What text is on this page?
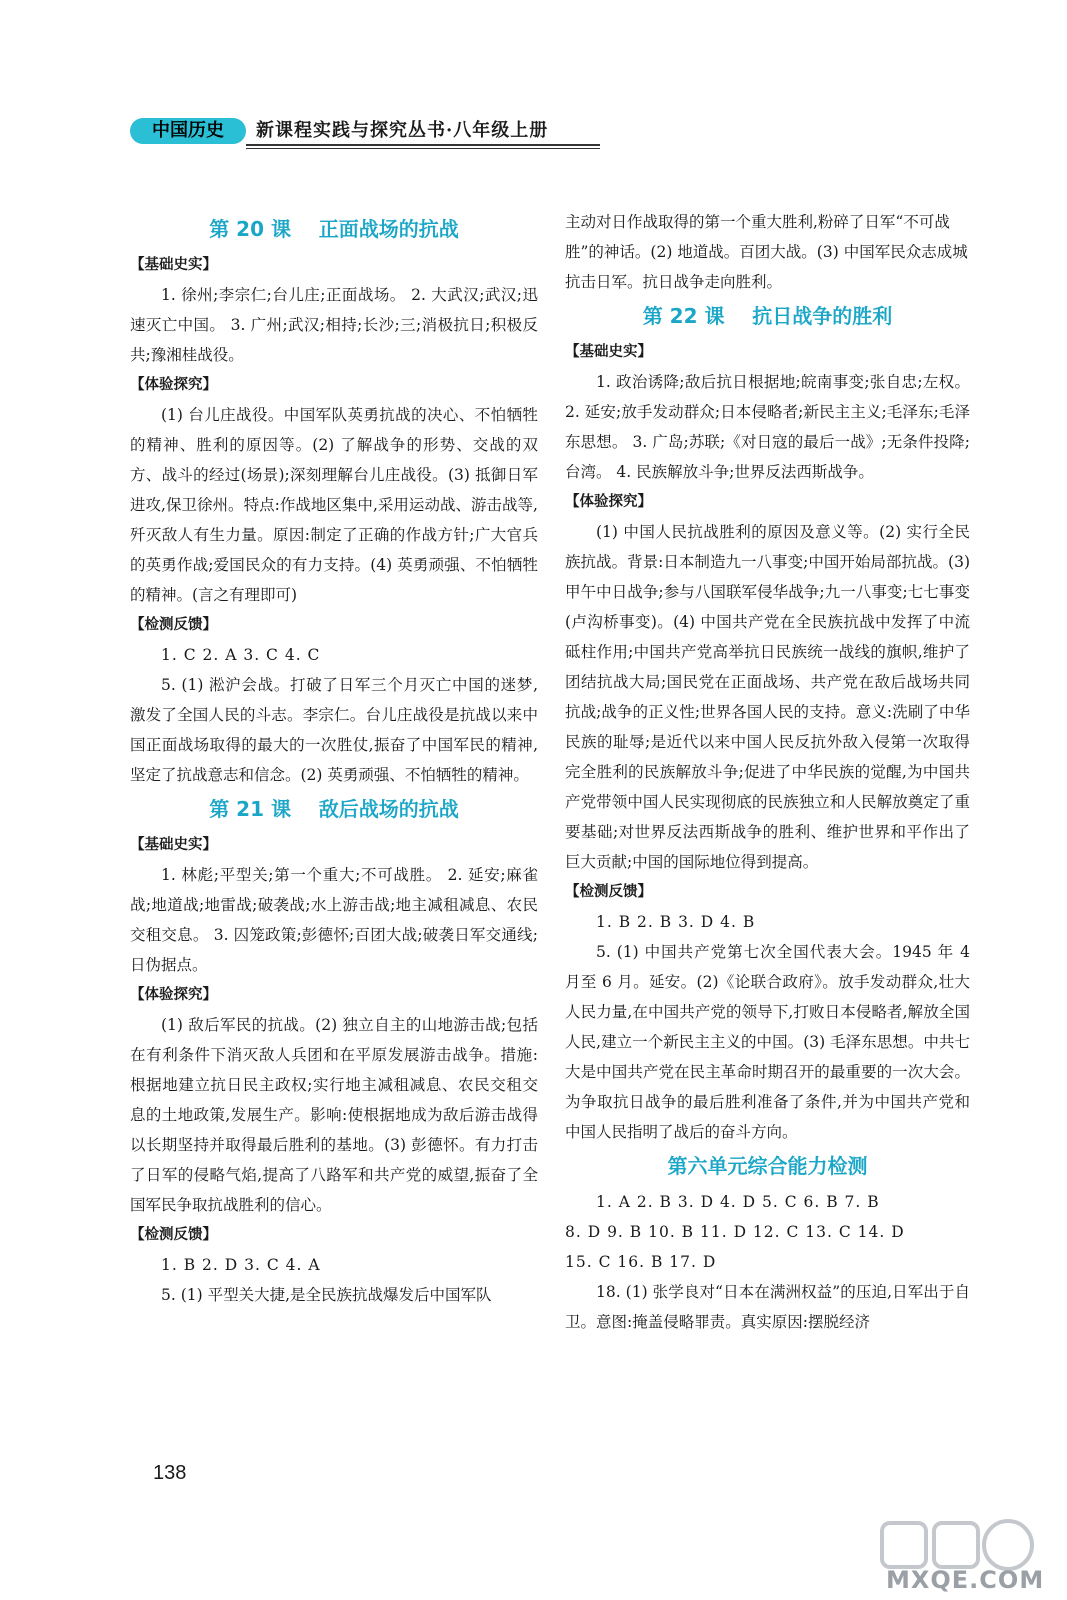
中国历史	新课程实践与探究丛书·八年级上册
第 20 课    正面战场的抗战
【基础史实】
1. 徐州;李宗仁;台儿庄;正面战场。 2. 大武汉;武汉;迅速灭亡中国。 3. 广州;武汉;相持;长沙;三;消极抗日;积极反共;豫湘桂战役。
【体验探究】
(1) 台儿庄战役。中国军队英勇抗战的决心、不怕牺牲的精神、胜利的原因等。(2) 了解战争的形势、交战的双方、战斗的经过(场景);深刻理解台儿庄战役。(3) 抵御日军进攻,保卫徐州。特点:作战地区集中,采用运动战、游击战等,歼灭敌人有生力量。原因:制定了正确的作战方针;广大官兵的英勇作战;爱国民众的有力支持。(4) 英勇顽强、不怕牺牲的精神。(言之有理即可)
【检测反馈】
1. C 2. A 3. C 4. C
5. (1) 淞沪会战。打破了日军三个月灭亡中国的迷梦,激发了全国人民的斗志。李宗仁。台儿庄战役是抗战以来中国正面战场取得的最大的一次胜仗,振奋了中国军民的精神,坚定了抗战意志和信念。(2) 英勇顽强、不怕牺牲的精神。
第 21 课    敌后战场的抗战
【基础史实】
1. 林彪;平型关;第一个重大;不可战胜。 2. 延安;麻雀战;地道战;地雷战;破袭战;水上游击战;地主减租减息、农民交租交息。 3. 囚笼政策;彭德怀;百团大战;破袭日军交通线;日伪据点。
【体验探究】
(1) 敌后军民的抗战。(2) 独立自主的山地游击战;包括在有利条件下消灭敌人兵团和在平原发展游击战争。措施:根据地建立抗日民主政权;实行地主减租减息、农民交租交息的土地政策,发展生产。影响:使根据地成为敌后游击战得以长期坚持并取得最后胜利的基地。(3) 彭德怀。有力打击了日军的侵略气焰,提高了八路军和共产党的威望,振奋了全国军民争取抗战胜利的信心。
【检测反馈】
1. B 2. D 3. C 4. A
5. (1) 平型关大捷,是全民族抗战爆发后中国军队
主动对日作战取得的第一个重大胜利,粉碎了日军“不可战胜”的神话。(2) 地道战。百团大战。(3) 中国军民众志成城抗击日军。抗日战争走向胜利。
第 22 课    抗日战争的胜利
【基础史实】
1. 政治诱降;敌后抗日根据地;皖南事变;张自忠;左权。 2. 延安;放手发动群众;日本侵略者;新民主主义;毛泽东;毛泽东思想。 3. 广岛;苏联;《对日寇的最后一战》;无条件投降;台湾。 4. 民族解放斗争;世界反法西斯战争。
【体验探究】
(1) 中国人民抗战胜利的原因及意义等。(2) 实行全民族抗战。背景:日本制造九一八事变;中国开始局部抗战。(3) 甲午中日战争;参与八国联军侵华战争;九一八事变;七七事变(卢沟桥事变)。(4) 中国共产党在全民族抗战中发挥了中流砥柱作用;中国共产党高举抗日民族统一战线的旗帜,维护了团结抗战大局;国民党在正面战场、共产党在敌后战场共同抗战;战争的正义性;世界各国人民的支持。意义:洗刷了中华民族的耻辱;是近代以来中国人民反抗外敌入侵第一次取得完全胜利的民族解放斗争;促进了中华民族的觉醒,为中国共产党带领中国人民实现彻底的民族独立和人民解放奠定了重要基础;对世界反法西斯战争的胜利、维护世界和平作出了巨大贡献;中国的国际地位得到提高。
【检测反馈】
1. B 2. B 3. D 4. B
5. (1) 中国共产党第七次全国代表大会。1945 年 4 月至 6 月。延安。(2)《论联合政府》。放手发动群众,壮大人民力量,在中国共产党的领导下,打败日本侵略者,解放全国人民,建立一个新民主主义的中国。(3) 毛泽东思想。中共七大是中国共产党在民主革命时期召开的最重要的一次大会。为争取抗日战争的最后胜利准备了条件,并为中国共产党和中国人民指明了战后的奋斗方向。
第六单元综合能力检测
1. A 2. B 3. D 4. D 5. C 6. B 7. B
8. D 9. B 10. B 11. D 12. C 13. C 14. D
15. C 16. B 17. D
18. (1) 张学良对“日本在满洲权益”的压迫,日军出于自卫。意图:掩盖侵略罪责。真实原因:摆脱经济
138
MXQE.COM
